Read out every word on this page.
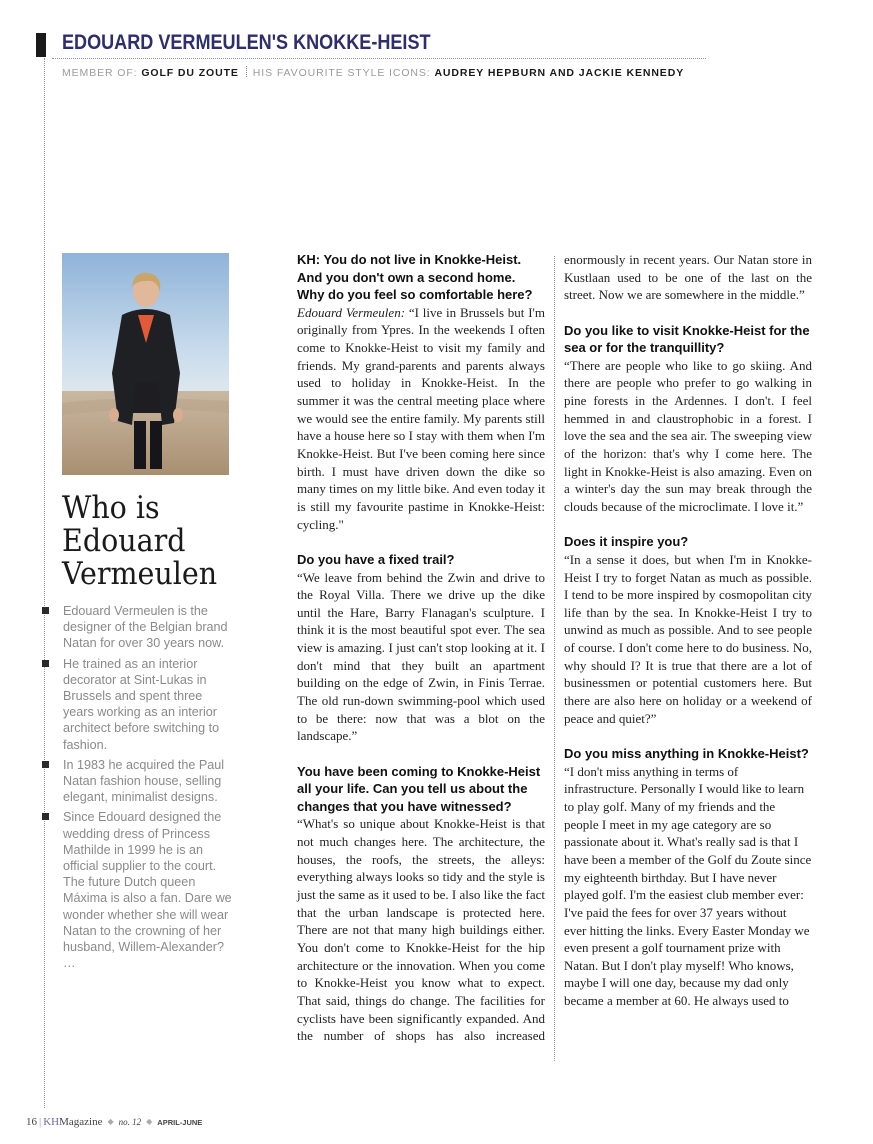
EDOUARD VERMEULEN'S KNOKKE-HEIST
MEMBER OF: GOLF DU ZOUTE HIS FAVOURITE STYLE ICONS: AUDREY HEPBURN AND JACKIE KENNEDY
Who is
Edouard
Vermeulen
Edouard Vermeulen is the designer of the Belgian brand Natan for over 30 years now.
He trained as an interior decorator at Sint-Lukas in Brussels and spent three years working as an interior architect before switching to fashion.
In 1983 he acquired the Paul Natan fashion house, selling elegant, minimalist designs.
Since Edouard designed the wedding dress of Princess Mathilde in 1999 he is an official supplier to the court. The future Dutch queen Máxima is also a fan. Dare we wonder whether she will wear Natan to the crowning of her husband, Willem-Alexander? …
KH: You do not live in Knokke-Heist. And you don't own a second home. Why do you feel so comfortable here?

Edouard Vermeulen: “I live in Brussels but I'm originally from Ypres. In the weekends I often come to Knokke-Heist to visit my family and friends. My grand-parents and parents always used to holiday in Knokke-Heist. In the summer it was the central meeting place where we would see the entire family. My parents still have a house here so I stay with them when I'm Knokke-Heist. But I've been coming here since birth. I must have driven down the dike so many times on my little bike. And even today it is still my favourite pastime in Knokke-Heist: cycling."

Do you have a fixed trail?

“We leave from behind the Zwin and drive to the Royal Villa. There we drive up the dike until the Hare, Barry Flanagan's sculpture. I think it is the most beautiful spot ever. The sea view is amazing. I just can't stop looking at it. I don't mind that they built an apartment building on the edge of Zwin, in Finis Terrae. The old run-down swimming-pool which used to be there: now that was a blot on the landscape.”

You have been coming to Knokke-Heist all your life. Can you tell us about the changes that you have witnessed?

“What's so unique about Knokke-Heist is that not much changes here. The architecture, the houses, the roofs, the streets, the alleys: everything always looks so tidy and the style is just the same as it used to be. I also like the fact that the urban landscape is protected here. There are not that many high buildings either. You don't come to Knokke-Heist for the hip architecture or the innovation. When you come to Knokke-Heist you know what to expect. That said, things do change. The facilities for cyclists have been significantly expanded. And the number of shops has also increased

enormously in recent years. Our Natan store in Kustlaan used to be one of the last on the street. Now we are somewhere in the middle.”

Do you like to visit Knokke-Heist for the sea or for the tranquillity?

“There are people who like to go skiing. And there are people who prefer to go walking in pine forests in the Ardennes. I don't. I feel hemmed in and claustrophobic in a forest. I love the sea and the sea air. The sweeping view of the horizon: that's why I come here. The light in Knokke-Heist is also amazing. Even on a winter's day the sun may break through the clouds because of the microclimate. I love it.”

Does it inspire you?

“In a sense it does, but when I'm in Knokke-Heist I try to forget Natan as much as possible. I tend to be more inspired by cosmopolitan city life than by the sea. In Knokke-Heist I try to unwind as much as possible. And to see people of course. I don't come here to do business. No, why should I? It is true that there are a lot of businessmen or potential customers here. But there are also here on holiday or a weekend of peace and quiet?”

Do you miss anything in Knokke-Heist?

“I don't miss anything in terms of infrastructure. Personally I would like to learn to play golf. Many of my friends and the people I meet in my age category are so passionate about it. What's really sad is that I have been a member of the Golf du Zoute since my eighteenth birthday. But I have never played golf. I'm the easiest club member ever: I've paid the fees for over 37 years without ever hitting the links. Every Easter Monday we even present a golf tournament prize with Natan. But I don't play myself! Who knows, maybe I will one day, because my dad only became a member at 60. He always used to

16 | KHMagazine ◆ no. 12 ◆ APRIL-JUNE
